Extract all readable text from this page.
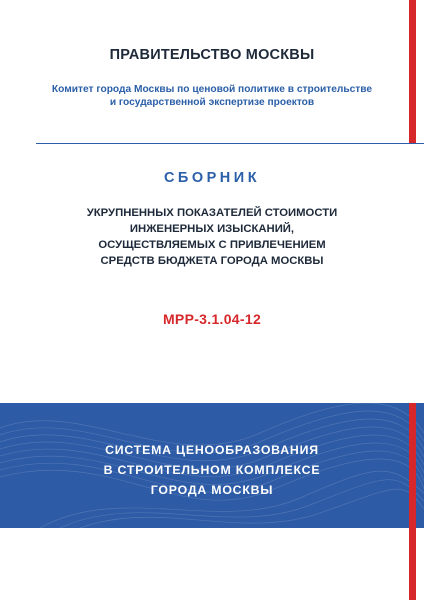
ПРАВИТЕЛЬСТВО МОСКВЫ
Комитет города Москвы по ценовой политике в строительстве
и государственной экспертизе проектов
СБОРНИК
УКРУПНЕННЫХ ПОКАЗАТЕЛЕЙ СТОИМОСТИ
ИНЖЕНЕРНЫХ ИЗЫСКАНИЙ,
ОСУЩЕСТВЛЯЕМЫХ С ПРИВЛЕЧЕНИЕМ
СРЕДСТВ БЮДЖЕТА ГОРОДА МОСКВЫ
МРР-3.1.04-12
СИСТЕМА ЦЕНООБРАЗОВАНИЯ
В СТРОИТЕЛЬНОМ КОМПЛЕКСЕ
ГОРОДА МОСКВЫ
